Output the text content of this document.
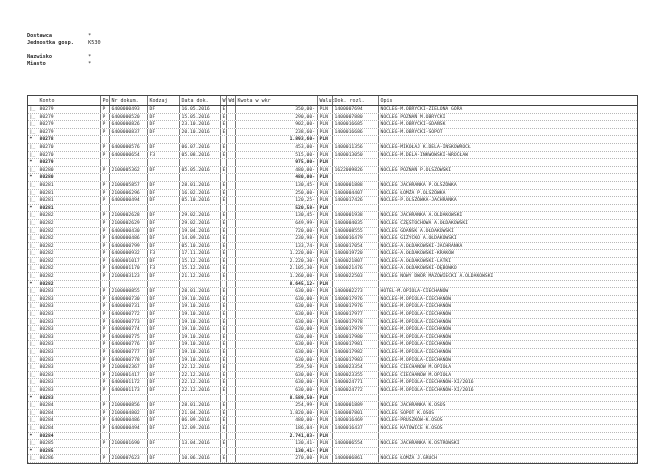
Dostawca	*
Jednostka gosp.	K530
Nazwisko	*
Miasto	*
Konto	Po Nr dokum.	Kodzaj	Data dok.	W Wd Kwota w wkr	Walut Dok. rozl.	Opis
|_ 80279	P	6400000493	DF	16.05.2016	E	350,00- PLN	1400007694	NOCLEG-M.OBRYCKI-ZIELONA GÓRA
|_ 80279	P	6400000520	DF	15.05.2016	E	290,00- PLN	1400007880	NOCLEG POZNAŃ M.OBRYCKI
|_ 80279	P	6400000826	DF	23.10.2016	E	902,00- PLN	1400016685	NOCLEG-M.OBRYCKI-GDAŃSK
|_ 80279	P	6400000837	DF	20.10.2016	E	238,60- PLN	1400016686	NOCLEG-M.OBRYCKI-SOPOT
*	80278	1.893,60- PLN
|_ 80270	P	6400000576	DF	06.07.2016	E	453,00- PLN	1400011356	NOCLEG-MIKOŁAJ K.DELA-INSKOWROCŁ
|_ 80270	P	6400000654	F3	05.08.2016	E	515,00- PLN	1400013050	NOCLEG-M.DELA-INKWOWSKI-WROCŁAW
*	80279	975,00- PLN
|_ 80280	P	2100005362	DF	05.05.2016	E	480,00- PLN	1622009826	NOCLEG POZNAŃ P.OLSZOWSKI
*	80280	480,00- PLN
|_ 80281	P	2100005857	DF	28.01.2016	E	130,45- PLN	1400001888	NOCLEG JACHRANKA P.OLSZÓWKA
|_ 80281	P	2100006296	DF	16.02.2016	E	250,00- PLN	1400004407	NOCLEG ŁOMŻA P.OLSZÓWKA
|_ 80281	P	6400000494	DF	05.10.2016	E	120,25- PLN	1400017426	NOCLEG-P.OLSZÓWKA-JACHRANKA
*	80281	520,58- PLN
|_ 80282	P	2100002628	DF	29.02.2016	E	130,45- PLN	1400001938	NOCLEG JACHRANKA A.OLDAKOWSKI
|_ 80282	P	2100002629	DF	29.02.2016	E	649,99- PLN	1400004035	NOCLEG CZĘSTOCHOWA A.OŁDAKOWSKI
|_ 80282	P	6400000430	DF	19.04.2016	E	720,00- PLN	1400008555	NOCLEG GDAŃSK A.OŁDAKOWSKI
|_ 80282	P	6400000486	DF	14.09.2016	E	230,98- PLN	1400016479	NOCLEG GIŻYCKO A.OŁDAKOWSKI
|_ 80282	P	6400000799	DF	05.10.2016	E	133,74- PLN	1400017054	NOCLEG-A.OŁDAKOWSKI-JACHRANKA
|_ 80282	P	6400000932	F3	17.11.2016	E	1.220,00- PLN	1400019720	NOCLEG-A.OŁDAKOWSKI-KRAKÓW
|_ 80282	P	6400001017	DF	15.12.2016	E	2.220,30- PLN	1400021807	NOCLEG-A.OŁDAKOWSKI-LATKI
|_ 80282	P	6400001170	F3	15.12.2016	E	2.105,30- PLN	1400021476	NOCLEG-A.OŁDAKOWSKI-DĘBOWKO
|_ 80282	P	2100003123	DF	21.12.2016	E	1.260,00- PLN	1400022503	NOCLEG NOWY DWÓR MAZOWIECKI A.OLDAKOWSKI
*	80282	8.645,12- PLN
|_ 80283	P	2100000855	DF	28.01.2016	E	630,00- PLN	1400002273	HOTEL-M.OPIOLA-CIECHANÓW
|_ 80283	P	6400000730	DF	19.10.2016	E	630,00- PLN	1400017976	NOCLEG-M.OPIOLA-CIECHANÓW
|_ 80283	P	6400000731	DF	19.10.2016	E	630,00- PLN	1400017976	NOCLEG-M.OPIOLA-CIECHANÓW
|_ 80283	P	6400000772	DF	19.10.2016	E	630,00- PLN	1400017977	NOCLEG-M.OPIOLA-CIECHANÓW
|_ 80283	P	6400000773	DF	19.10.2016	E	630,00- PLN	1400017978	NOCLEG-M.OPIOLA-CIECHANÓW
|_ 80283	P	6400000774	DF	19.10.2016	E	630,00- PLN	1400017979	NOCLEG-M.OPIOLA-CIECHANÓW
|_ 80283	P	6400000775	DF	19.10.2016	E	630,00- PLN	1400017980	NOCLEG-M.OPIOLA-CIECHANÓW
|_ 80283	P	6400000776	DF	19.10.2016	E	630,00- PLN	1400017981	NOCLEG-M.OPIOLA-CIECHANÓW
|_ 80283	P	6400000777	DF	19.10.2016	E	630,00- PLN	1400017982	NOCLEG-M.OPIOLA-CIECHANÓW
|_ 80283	P	6400000778	DF	19.10.2016	E	630,00- PLN	1400017983	NOCLEG-M.OPIOLA-CIECHANÓW
|_ 80283	P	2100002367	DF	22.12.2016	E	359,50- PLN	1400023354	NOCLEG CIECHANÓW M.OPIOŁA
|_ 80283	P	2100001417	DF	22.12.2016	E	630,00- PLN	1400023355	NOCLEG CIECHANÓW M.OPIOŁA
|_ 80283	P	6400001172	DF	22.12.2016	E	630,00- PLN	1400024771	NOCLEG-M.OPIOLA-CIECHANÓW-XI/2016
|_ 80283	P	6400001173	DF	22.12.2016	E	630,00- PLN	1400024772	NOCLEG-M.OPIOLA-CIECHANÓW-XI/2016
*	80283	8.589,50- PLN
|_ 80284	P	2100000856	DF	28.01.2016	E	254,99- PLN	1400001889	NOCLEG JACHRANKA K.OSOS
|_ 80284	P	2100004802	DF	21.04.2016	E	1.820,00- PLN	1400007801	NOCLEG SOPOT K.OSOS
|_ 80284	P	6400000486	DF	06.09.2016	E	480,00- PLN	1400016469	NOCLEG-PRUSZKÓW-K.OSOS
|_ 80284	P	6400000494	DF	12.09.2016	E	186,04- PLN	1400016437	NOCLEG KATOWICE K.OSOS
*	80284	2.741,03- PLN
|_ 80285	P	2100001690	DF	13.04.2016	E	130,41- PLN	1400006554	NOCLEG JACHRANKA K.OSTROWSKI
*	80285	130,41- PLN
|_ 80286	P	2100007623	DF	10.06.2016	E	270,00- PLN	1400006861	NOCLEG ŁOMŻA J.GRUCH
